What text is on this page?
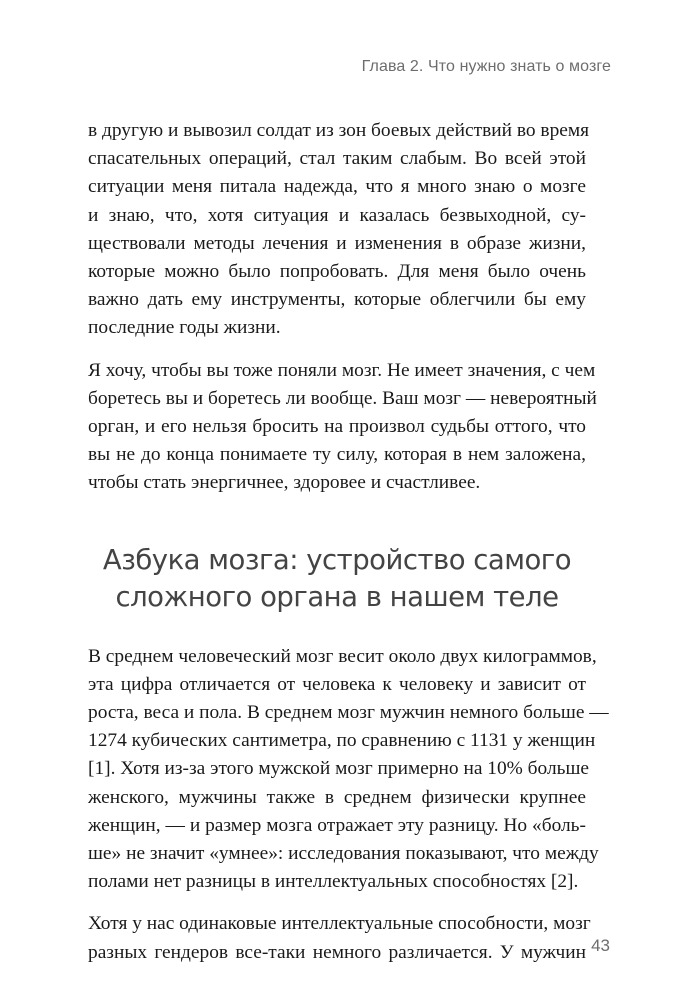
Глава 2. Что нужно знать о мозге

в другую и вывозил солдат из зон боевых действий во время
спасательных операций, стал таким слабым. Во всей этой
ситуации меня питала надежда, что я много знаю о мозге
и знаю, что, хотя ситуация и казалась безвыходной, су-
ществовали методы лечения и изменения в образе жизни,
которые можно было попробовать. Для меня было очень
важно дать ему инструменты, которые облегчили бы ему
последние годы жизни.

Я хочу, чтобы вы тоже поняли мозг. Не имеет значения, с чем
боретесь вы и боретесь ли вообще. Ваш мозг — невероятный
орган, и его нельзя бросить на произвол судьбы оттого, что
вы не до конца понимаете ту силу, которая в нем заложена,
чтобы стать энергичнее, здоровее и счастливее.

Азбука мозга: устройство самого
сложного органа в нашем теле

В среднем человеческий мозг весит около двух килограммов,
эта цифра отличается от человека к человеку и зависит от
роста, веса и пола. В среднем мозг мужчин немного больше —
1274 кубических сантиметра, по сравнению с 1131 у женщин
[1]. Хотя из-за этого мужской мозг примерно на 10% больше
женского, мужчины также в среднем физически крупнее
женщин, — и размер мозга отражает эту разницу. Но «боль-
ше» не значит «умнее»: исследования показывают, что между
полами нет разницы в интеллектуальных способностях [2].

Хотя у нас одинаковые интеллектуальные способности, мозг
разных гендеров все-таки немного различается. У мужчин 43
